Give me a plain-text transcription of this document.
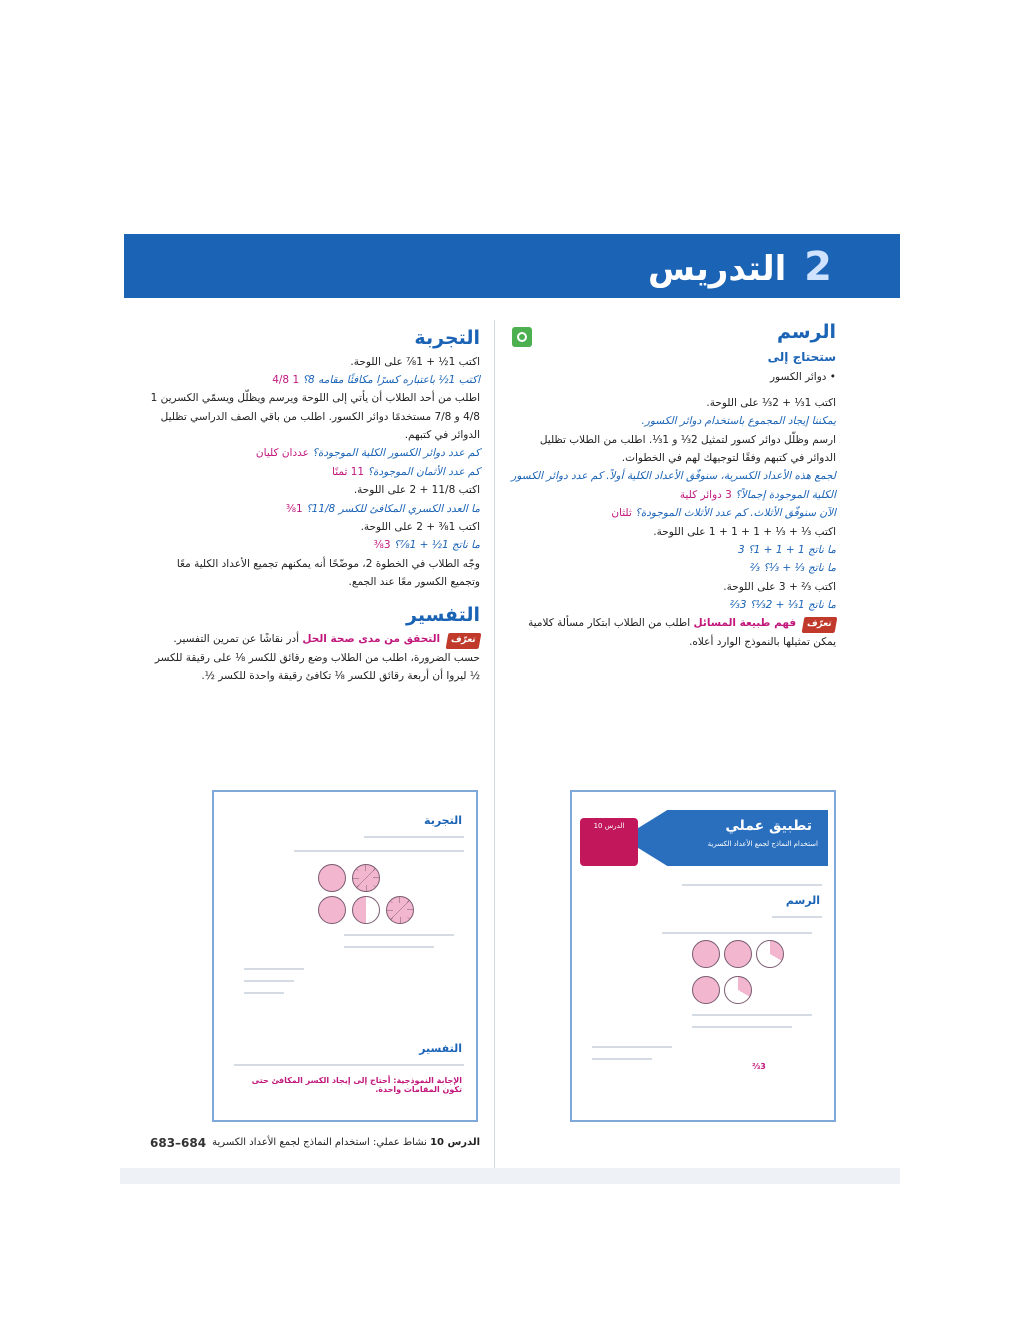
2 التدريس
الرسم
ستحتاج إلى
• دوائر الكسور
اكتب 1⅓ + 2⅓ على اللوحة.
يمكننا إيجاد المجموع باستخدام دوائر الكسور.
ارسم وظلّل دوائر كسور لتمثيل 2⅓ و 1⅓. اطلب من الطلاب تظليل الدوائر في كتبهم وفقًا لتوجيهك لهم في الخطوات.
لجمع هذه الأعداد الكسرية، سنوفّق الأعداد الكلية أولاً. كم عدد دوائر الكسور الكلية الموجودة إجمالاً؟ 3 دوائر كلية
الآن سنوفّق الأثلاث. كم عدد الأثلاث الموجودة؟ ثلثان
اكتب ⅓ + ⅓ + 1 + 1 + 1 على اللوحة.
ما ناتج 1 + 1 + 1؟ 3
ما ناتج ⅓ + ⅓؟ ⅔
اكتب ⅔ + 3 على اللوحة.
ما ناتج 1⅓ + 2⅓؟ 3⅔
تعرّف فهم طبيعة المسائل اطلب من الطلاب ابتكار مسألة كلامية يمكن تمثيلها بالنموذج الوارد أعلاه.
التجربة
اكتب 1½ + 1⅞ على اللوحة.
اكتب 1½ باعتباره كسرًا مكافئًا مقامه 8؟ 1 4/8
اطلب من أحد الطلاب أن يأتي إلى اللوحة ويرسم ويظلّل ويسمّي الكسرين 1 4/8 و 7/8 مستخدمًا دوائر الكسور. اطلب من باقي الصف الدراسي تظليل الدوائر في كتبهم.
كم عدد دوائر الكسور الكلية الموجودة؟ عددان كليان
كم عدد الأثمان الموجودة؟ 11 ثمنًا
اكتب 11/8 + 2 على اللوحة.
ما العدد الكسري المكافئ للكسر 11/8؟ 1⅜
اكتب 1⅜ + 2 على اللوحة.
ما ناتج 1½ + 1⅞؟ 3⅜
وجّه الطلاب في الخطوة 2، موضّحًا أنه يمكنهم تجميع الأعداد الكلية معًا وتجميع الكسور معًا عند الجمع.
التفسير
تعرّف التحقق من مدى صحة الحل أدر نقاشًا عن تمرين التفسير. حسب الضرورة، اطلب من الطلاب وضع رقائق للكسر ⅛ على رقيقة للكسر ½ ليروا أن أربعة رقائق للكسر ⅛ تكافئ رقيقة واحدة للكسر ½.
تطبيق عملي
استخدام النماذج لجمع الأعداد الكسرية
الدرس 10
الرسم
3⅔
التجربة
التفسير
الإجابة النموذجية: أحتاج إلى إيجاد الكسر المكافئ حتى تكون المقامات واحدة.
الدرس 10 نشاط عملي: استخدام النماذج لجمع الأعداد الكسرية
683–684
